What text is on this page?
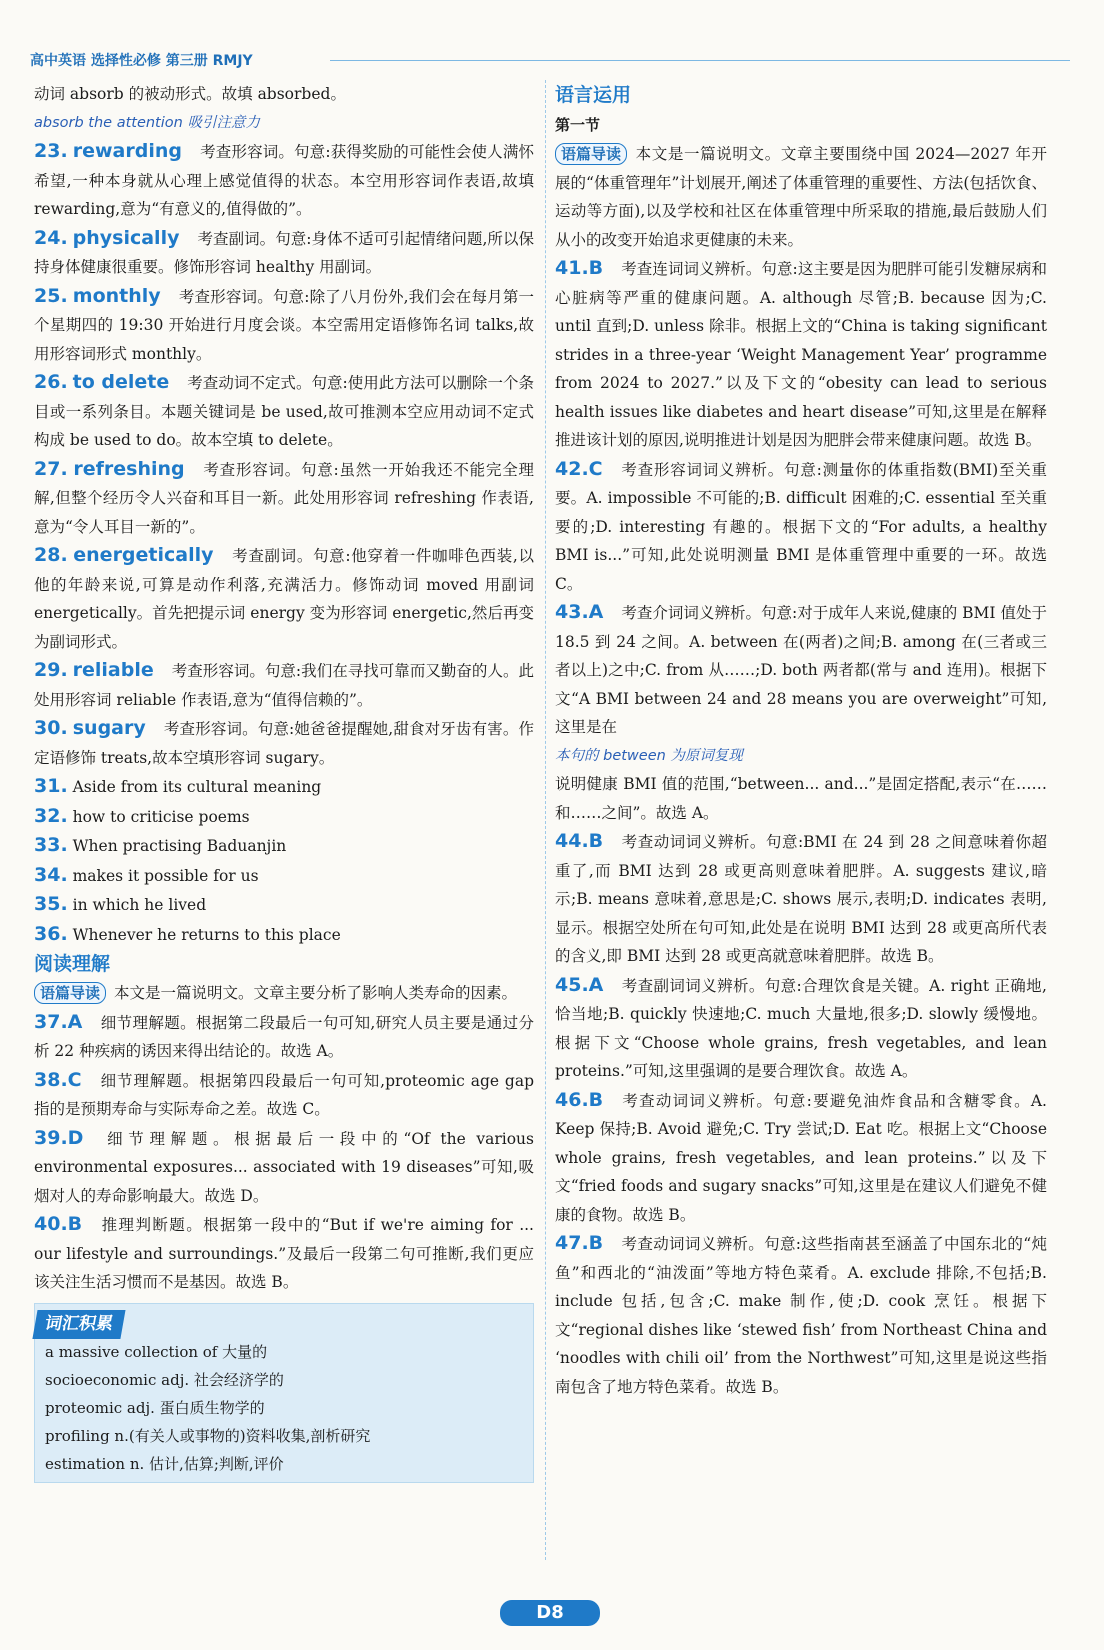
高中英语 选择性必修 第三册 RMJY

动词 absorb 的被动形式。故填 absorbed。

absorb the attention 吸引注意力

23. rewarding 考查形容词。句意:获得奖励的可能性会使人满怀希望,一种本身就从心理上感觉值得的状态。本空用形容词作表语,故填 rewarding,意为“有意义的,值得做的”。

24. physically 考查副词。句意:身体不适可引起情绪问题,所以保持身体健康很重要。修饰形容词 healthy 用副词。

25. monthly 考查形容词。句意:除了八月份外,我们会在每月第一个星期四的 19:30 开始进行月度会谈。本空需用定语修饰名词 talks,故用形容词形式 monthly。

26. to delete 考查动词不定式。句意:使用此方法可以删除一个条目或一系列条目。本题关键词是 be used,故可推测本空应用动词不定式构成 be used to do。故本空填 to delete。

27. refreshing 考查形容词。句意:虽然一开始我还不能完全理解,但整个经历令人兴奋和耳目一新。此处用形容词 refreshing 作表语,意为“令人耳目一新的”。

28. energetically 考查副词。句意:他穿着一件咖啡色西装,以他的年龄来说,可算是动作利落,充满活力。修饰动词 moved 用副词 energetically。首先把提示词 energy 变为形容词 energetic,然后再变为副词形式。

29. reliable 考查形容词。句意:我们在寻找可靠而又勤奋的人。此处用形容词 reliable 作表语,意为“值得信赖的”。

30. sugary 考查形容词。句意:她爸爸提醒她,甜食对牙齿有害。作定语修饰 treats,故本空填形容词 sugary。

31. Aside from its cultural meaning

32. how to criticise poems

33. When practising Baduanjin

34. makes it possible for us

35. in which he lived

36. Whenever he returns to this place

阅读理解

语篇导读 本文是一篇说明文。文章主要分析了影响人类寿命的因素。

37.A 细节理解题。根据第二段最后一句可知,研究人员主要是通过分析 22 种疾病的诱因来得出结论的。故选 A。

38.C 细节理解题。根据第四段最后一句可知,proteomic age gap 指的是预期寿命与实际寿命之差。故选 C。

39.D 细节理解题。根据最后一段中的“Of the various environmental exposures... associated with 19 diseases”可知,吸烟对人的寿命影响最大。故选 D。

40.B 推理判断题。根据第一段中的“But if we're aiming for ... our lifestyle and surroundings.”及最后一段第二句可推断,我们更应该关注生活习惯而不是基因。故选 B。

词汇积累
a massive collection of 大量的
socioeconomic adj. 社会经济学的
proteomic adj. 蛋白质生物学的
profiling n.(有关人或事物的)资料收集,剖析研究
estimation n. 估计,估算;判断,评价
语言运用
第一节

语篇导读 本文是一篇说明文。文章主要围绕中国 2024—2027 年开展的“体重管理年”计划展开,阐述了体重管理的重要性、方法(包括饮食、运动等方面),以及学校和社区在体重管理中所采取的措施,最后鼓励人们从小的改变开始追求更健康的未来。

41.B 考查连词词义辨析。句意:这主要是因为肥胖可能引发糖尿病和心脏病等严重的健康问题。A. although 尽管;B. because 因为;C. until 直到;D. unless 除非。根据上文的“China is taking significant strides in a three-year ‘Weight Management Year’ programme from 2024 to 2027.”以及下文的“obesity can lead to serious health issues like diabetes and heart disease”可知,这里是在解释推进该计划的原因,说明推进计划是因为肥胖会带来健康问题。故选 B。

42.C 考查形容词词义辨析。句意:测量你的体重指数(BMI)至关重要。A. impossible 不可能的;B. difficult 困难的;C. essential 至关重要的;D. interesting 有趣的。根据下文的“For adults, a healthy BMI is...”可知,此处说明测量 BMI 是体重管理中重要的一环。故选 C。

43.A 考查介词词义辨析。句意:对于成年人来说,健康的 BMI 值处于 18.5 到 24 之间。A. between 在(两者)之间;B. among 在(三者或三者以上)之中;C. from 从……;D. both 两者都(常与 and 连用)。根据下文“A BMI between 24 and 28 means you are overweight”可知,这里是在

本句的 between 为原词复现

说明健康 BMI 值的范围,“between... and...”是固定搭配,表示“在……和……之间”。故选 A。

44.B 考查动词词义辨析。句意:BMI 在 24 到 28 之间意味着你超重了,而 BMI 达到 28 或更高则意味着肥胖。A. suggests 建议,暗示;B. means 意味着,意思是;C. shows 展示,表明;D. indicates 表明,显示。根据空处所在句可知,此处是在说明 BMI 达到 28 或更高所代表的含义,即 BMI 达到 28 或更高就意味着肥胖。故选 B。

45.A 考查副词词义辨析。句意:合理饮食是关键。A. right 正确地,恰当地;B. quickly 快速地;C. much 大量地,很多;D. slowly 缓慢地。根据下文“Choose whole grains, fresh vegetables, and lean proteins.”可知,这里强调的是要合理饮食。故选 A。

46.B 考查动词词义辨析。句意:要避免油炸食品和含糖零食。A. Keep 保持;B. Avoid 避免;C. Try 尝试;D. Eat 吃。根据上文“Choose whole grains, fresh vegetables, and lean proteins.”以及下文“fried foods and sugary snacks”可知,这里是在建议人们避免不健康的食物。故选 B。

47.B 考查动词词义辨析。句意:这些指南甚至涵盖了中国东北的“炖鱼”和西北的“油泼面”等地方特色菜肴。A. exclude 排除,不包括;B. include 包括,包含;C. make 制作,使;D. cook 烹饪。根据下文“regional dishes like ‘stewed fish’ from Northeast China and ‘noodles with chili oil’ from the Northwest”可知,这里是说这些指南包含了地方特色菜肴。故选 B。

D8
